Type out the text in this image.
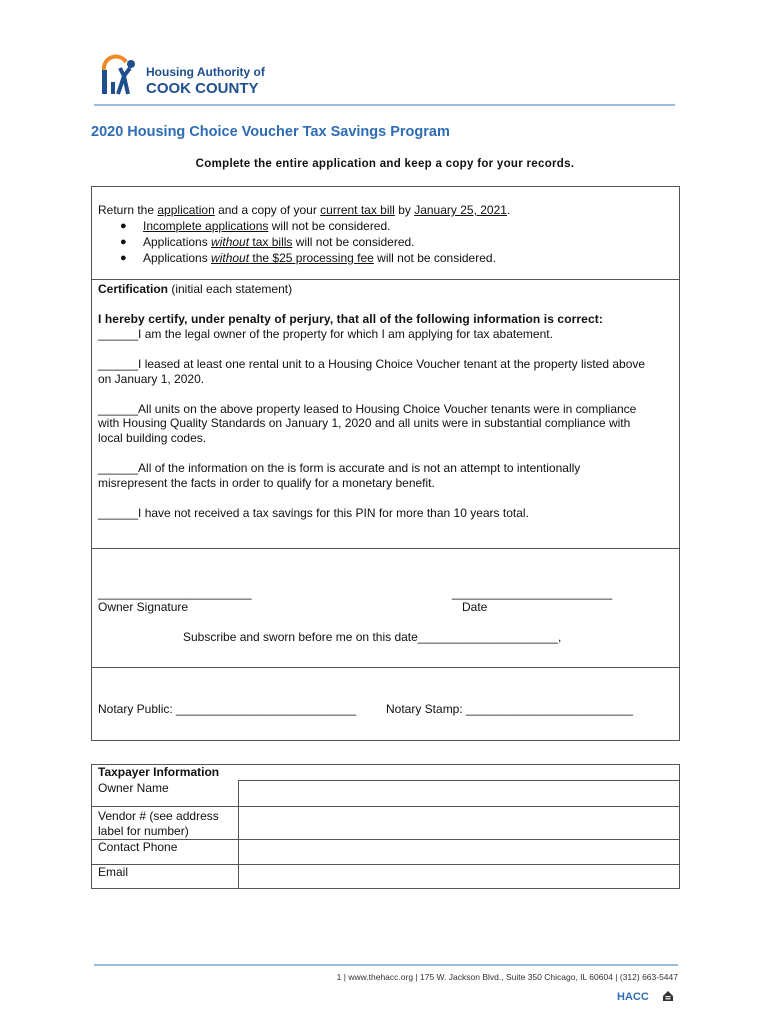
Housing Authority of
COOK COUNTY
2020 Housing Choice Voucher Tax Savings Program
Complete the entire application and keep a copy for your records.
Return the application and a copy of your current tax bill by January 25, 2021.
● Incomplete applications will not be considered.
● Applications without tax bills will not be considered.
● Applications without the $25 processing fee will not be considered.
Certification (initial each statement)
I hereby certify, under penalty of perjury, that all of the following information is correct:
______I am the legal owner of the property for which I am applying for tax abatement.
______I leased at least one rental unit to a Housing Choice Voucher tenant at the property listed above
on January 1, 2020.
______All units on the above property leased to Housing Choice Voucher tenants were in compliance
with Housing Quality Standards on January 1, 2020 and all units were in substantial compliance with
local building codes.
______All of the information on the is form is accurate and is not an attempt to intentionally
misrepresent the facts in order to qualify for a monetary benefit.
______I have not received a tax savings for this PIN for more than 10 years total.
_______________________
Owner Signature
________________________
Date
Subscribe and sworn before me on this date_____________________,
Notary Public: ___________________________ Notary Stamp: _________________________
Taxpayer Information	
Owner Name	

Vendor # (see address
label for number)	

Contact Phone	
Email	
1 | www.thehacc.org | 175 W. Jackson Blvd., Suite 350 Chicago, IL 60604 | (312) 663-5447
HACC
